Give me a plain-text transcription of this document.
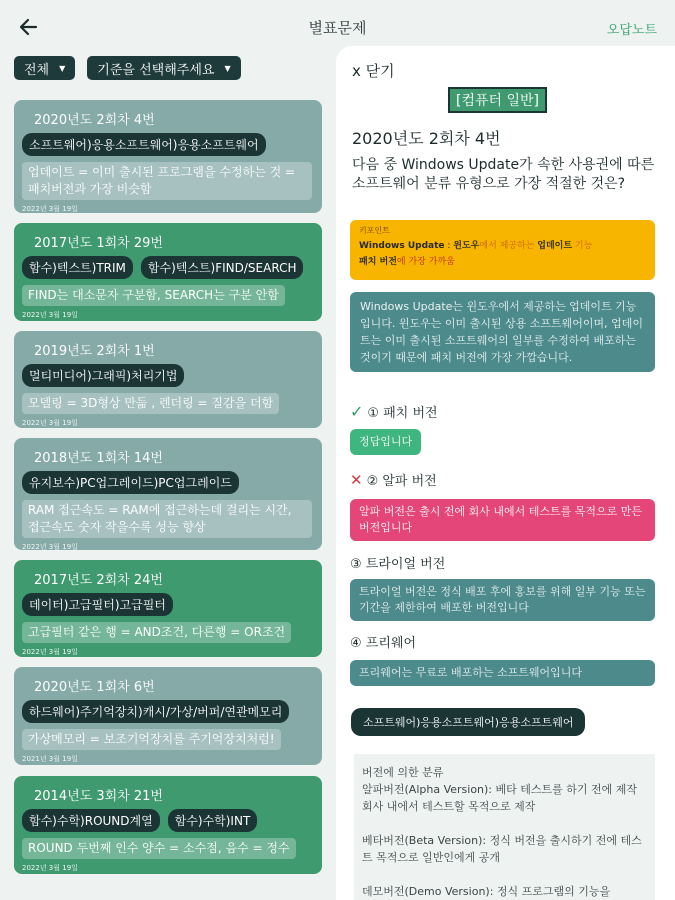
별표문제	오답노트
전체 ▼ 기준을 선택해주세요 ▼
2020년도 2회차 4번
소프트웨어)응용소프트웨어)응용소프트웨어
업데이트 = 이미 출시된 프로그램을 수정하는 것 = 패치버전과 가장 비슷함
2022년 3월 19일
2017년도 1회차 29번
함수)텍스트)TRIM	함수)텍스트)FIND/SEARCH
FIND는 대소문자 구분함, SEARCH는 구분 안함
2022년 3월 19일
2019년도 2회차 1번
멀티미디어)그래픽)처리기법
모델링 = 3D형상 만듦 , 렌더링 = 질감을 더함
2022년 3월 19일
2018년도 1회차 14번
유지보수)PC업그레이드)PC업그레이드
RAM 접근속도 = RAM에 접근하는데 걸리는 시간, 접근속도 숫자 작을수록 성능 향상
2022년 3월 19일
2017년도 2회차 24번
데이터)고급필터)고급필터
고급필터 같은 행 = AND조건, 다른행 = OR조건
2022년 3월 19일
2020년도 1회차 6번
하드웨어)주기억장치)캐시/가상/버퍼/연관메모리
가상메모리 = 보조기억장치를 주기억장치처럼!
2021년 3월 19일
2014년도 3회차 21번
함수)수학)ROUND계열	함수)수학)INT
ROUND 두번째 인수 양수 = 소수점, 음수 = 정수
2022년 3월 19일
x 닫기
[컴퓨터 일반]
2020년도 2회차 4번
다음 중 Windows Update가 속한 사용권에 따른 소프트웨어 분류 유형으로 가장 적절한 것은?
키포인트
Windows Update : 윈도우에서 제공하는 업데이트 기능
패치 버전에 가장 가까움
Windows Update는 윈도우에서 제공하는 업데이트 기능입니다. 윈도우는 이미 출시된 상용 소프트웨어이며, 업데이트는 이미 출시된 소프트웨어의 일부를 수정하여 배포하는 것이기 때문에 패치 버전에 가장 가깝습니다.
✓ ① 패치 버전
정답입니다
✕ ② 알파 버전
알파 버전은 출시 전에 회사 내에서 테스트를 목적으로 만든 버전입니다
③ 트라이얼 버전
트라이얼 버전은 정식 배포 후에 홍보를 위해 일부 기능 또는 기간을 제한하여 배포한 버전입니다
④ 프리웨어
프리웨어는 무료로 배포하는 소프트웨어입니다
소프트웨어)응용소프트웨어)응용소프트웨어
버전에 의한 분류
알파버전(Alpha Version): 베타 테스트를 하기 전에 제작 회사 내에서 테스트할 목적으로 제작

베타버전(Beta Version): 정식 버전을 출시하기 전에 테스트 목적으로 일반인에게 공개

데모버전(Demo Version): 정식 프로그램의 기능을
